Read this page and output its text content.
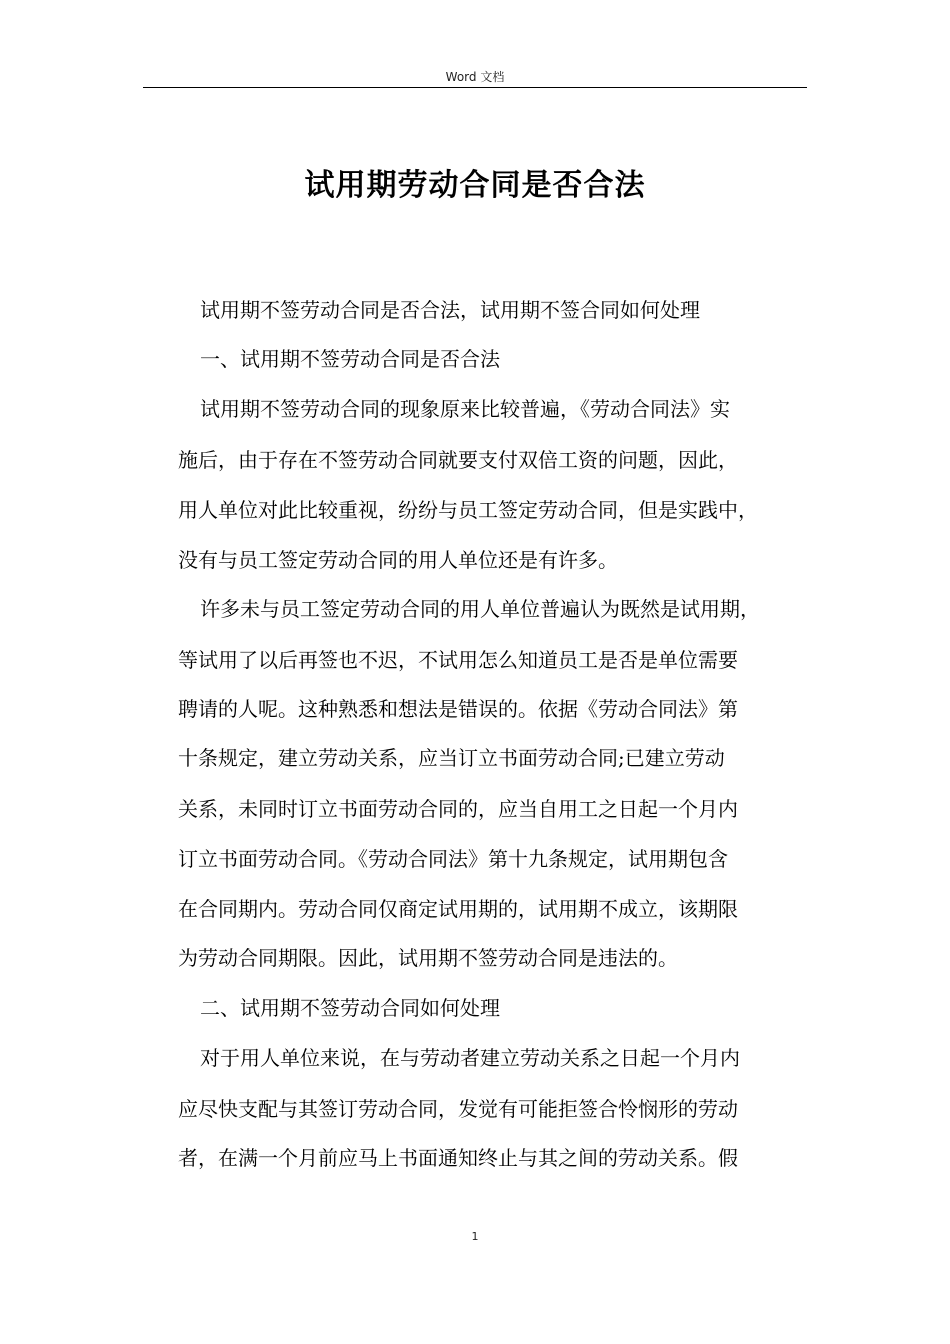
Word 文档
试用期劳动合同是否合法
试用期不签劳动合同是否合法，试用期不签合同如何处理
一、试用期不签劳动合同是否合法
试用期不签劳动合同的现象原来比较普遍，《劳动合同法》实
施后，由于存在不签劳动合同就要支付双倍工资的问题，因此，
用人单位对此比较重视，纷纷与员工签定劳动合同，但是实践中，
没有与员工签定劳动合同的用人单位还是有许多。
许多未与员工签定劳动合同的用人单位普遍认为既然是试用期，
等试用了以后再签也不迟，不试用怎么知道员工是否是单位需要
聘请的人呢。这种熟悉和想法是错误的。依据《劳动合同法》第
十条规定，建立劳动关系，应当订立书面劳动合同;已建立劳动
关系，未同时订立书面劳动合同的，应当自用工之日起一个月内
订立书面劳动合同。《劳动合同法》第十九条规定，试用期包含
在合同期内。劳动合同仅商定试用期的，试用期不成立，该期限
为劳动合同期限。因此，试用期不签劳动合同是违法的。
二、试用期不签劳动合同如何处理
对于用人单位来说，在与劳动者建立劳动关系之日起一个月内
应尽快支配与其签订劳动合同，发觉有可能拒签合怜悯形的劳动
者，在满一个月前应马上书面通知终止与其之间的劳动关系。假
1
